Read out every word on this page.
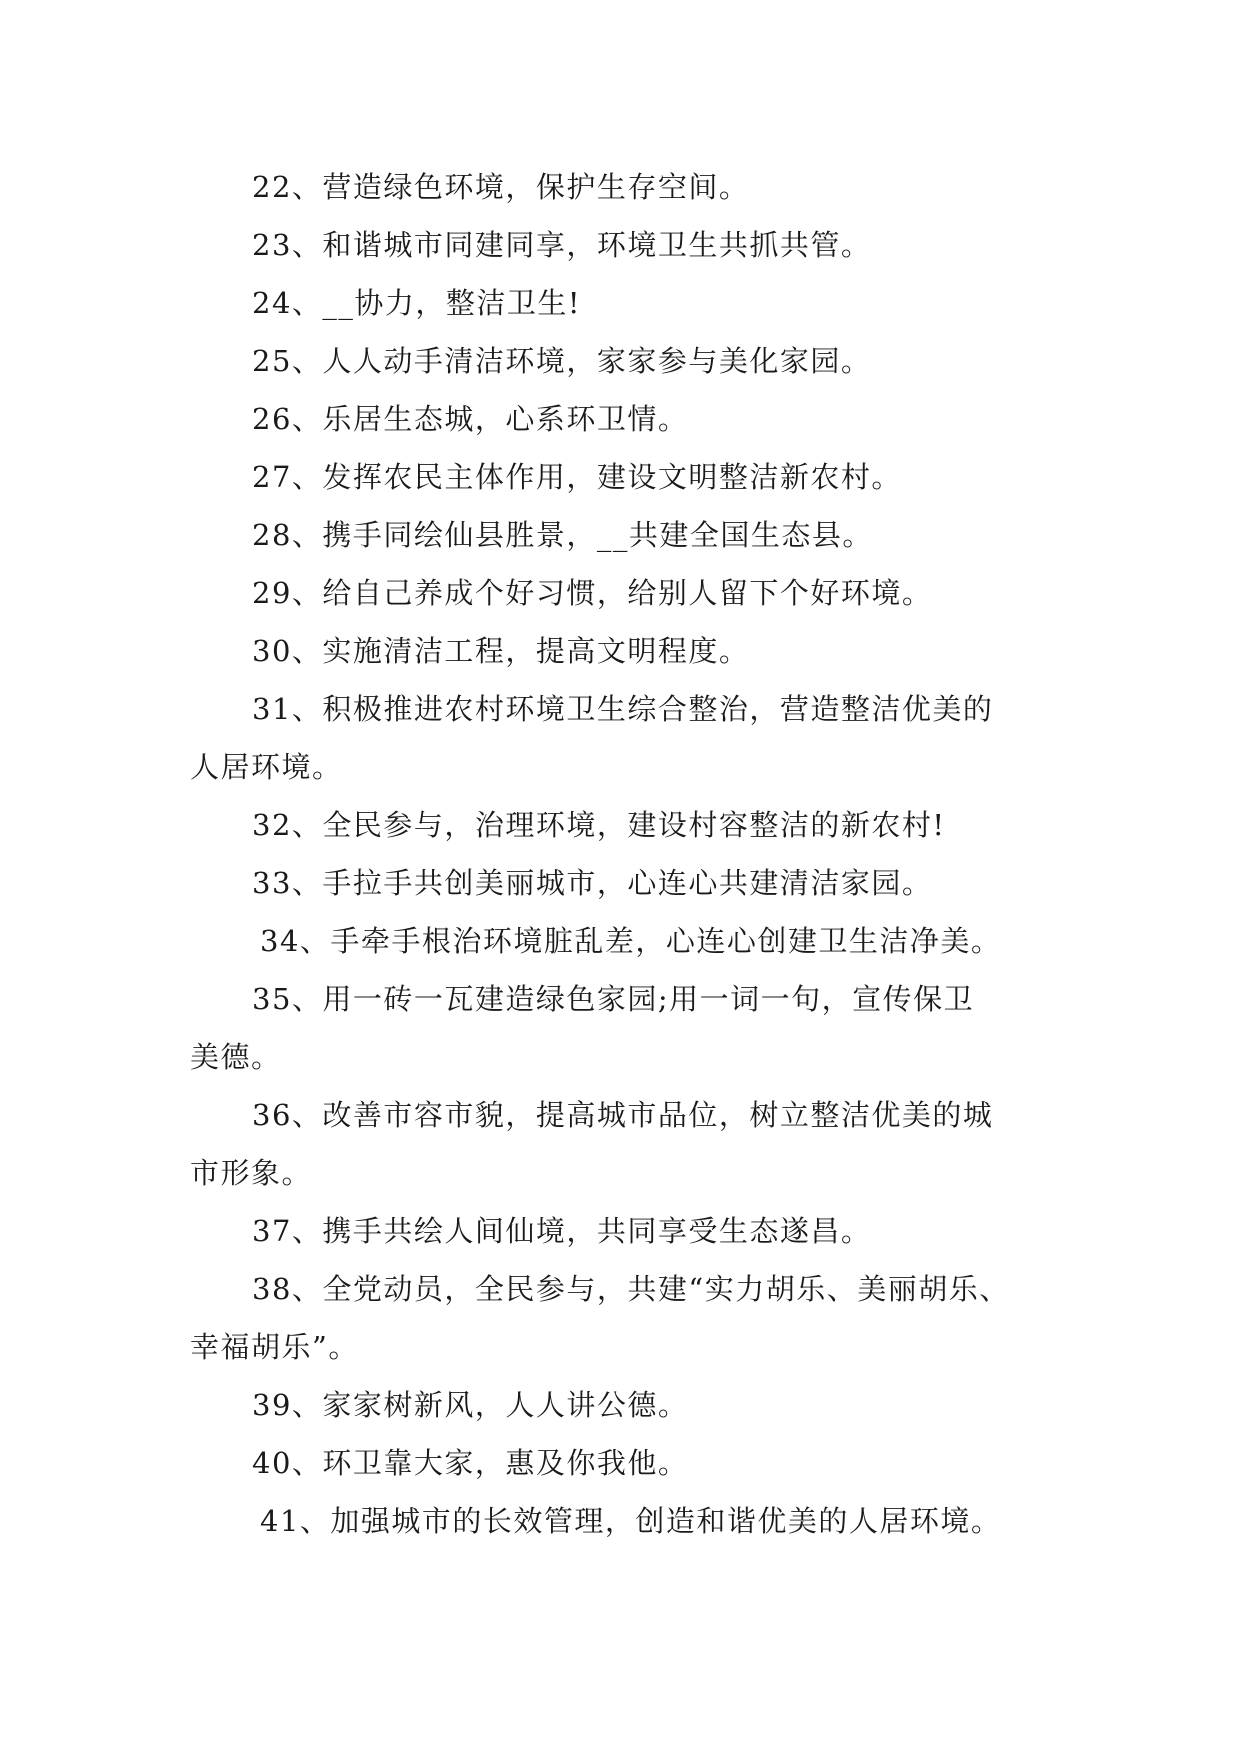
22、营造绿色环境，保护生存空间。
23、和谐城市同建同享，环境卫生共抓共管。
24、__协力，整洁卫生!
25、人人动手清洁环境，家家参与美化家园。
26、乐居生态城，心系环卫情。
27、发挥农民主体作用，建设文明整洁新农村。
28、携手同绘仙县胜景，__共建全国生态县。
29、给自己养成个好习惯，给别人留下个好环境。
30、实施清洁工程，提高文明程度。
31、积极推进农村环境卫生综合整治，营造整洁优美的
人居环境。
32、全民参与，治理环境，建设村容整洁的新农村!
33、手拉手共创美丽城市，心连心共建清洁家园。
34、手牵手根治环境脏乱差，心连心创建卫生洁净美。
35、用一砖一瓦建造绿色家园;用一词一句，宣传保卫
美德。
36、改善市容市貌，提高城市品位，树立整洁优美的城
市形象。
37、携手共绘人间仙境，共同享受生态遂昌。
38、全党动员，全民参与，共建“实力胡乐、美丽胡乐、
幸福胡乐”。
39、家家树新风，人人讲公德。
40、环卫靠大家，惠及你我他。
41、加强城市的长效管理，创造和谐优美的人居环境。
